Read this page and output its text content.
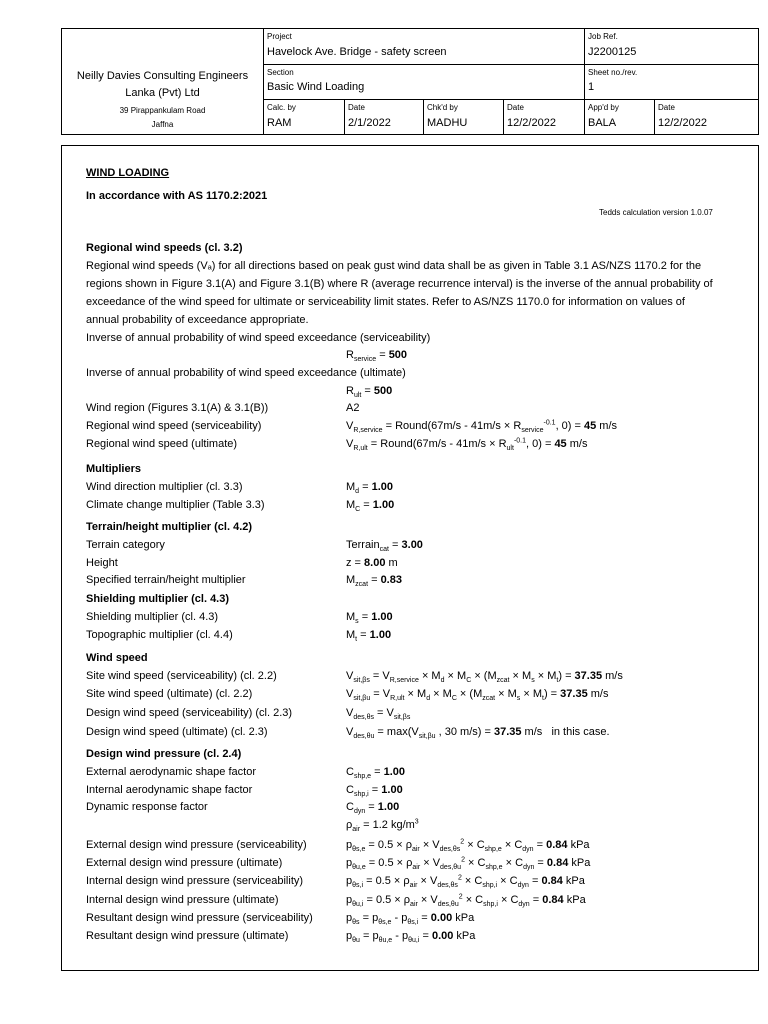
Neilly Davies Consulting Engineers
Lanka (Pvt) Ltd
39 Pirappankulam Road
Jaffna
Project
Havelock Ave. Bridge - safety screen
Job Ref.
J2200125
Section
Basic Wind Loading
Sheet no./rev.
1
Calc. by
RAM
Date
2/1/2022
Chk'd by
MADHU
Date
12/2/2022
App'd by
BALA
Date
12/2/2022
WIND LOADING
In accordance with AS 1170.2:2021
Tedds calculation version 1.0.07
Regional wind speeds (cl. 3.2)
Regional wind speeds (Vₐ) for all directions based on peak gust wind data shall be as given in Table 3.1 AS/NZS 1170.2 for the regions shown in Figure 3.1(A) and Figure 3.1(B) where R (average recurrence interval) is the inverse of the annual probability of exceedance of the wind speed for ultimate or serviceability limit states. Refer to AS/NZS 1170.0 for information on values of annual probability of exceedance appropriate.
Inverse of annual probability of wind speed exceedance (serviceability)
$R_{service} = 500$
Inverse of annual probability of wind speed exceedance (ultimate)
$R_{ult} = 500$
Wind region (Figures 3.1(A) & 3.1(B))	A2
Regional wind speed (serviceability)	$V_{R,service}$ = Round(67m/s - $41m/s \times R_{service}^{-0.1}$, 0) = 45 m/s
Regional wind speed (ultimate)	$V_{R,ult}$ = Round(67m/s - $41m/s \times R_{ult}^{-0.1}$, 0) = 45 m/s
Multipliers
Wind direction multiplier (cl. 3.3)	$M_d = 1.00$
Climate change multiplier (Table 3.3)	$M_C = 1.00$
Terrain/height multiplier (cl. 4.2)
Terrain category	Terrain$_{cat}$ = 3.00
Height	z = 8.00 m
Specified terrain/height multiplier	$M_{zcat} = 0.83$
Shielding multiplier (cl. 4.3)
Shielding multiplier (cl. 4.3)	$M_s = 1.00$
Topographic multiplier (cl. 4.4)	$M_t = 1.00$
Wind speed
Site wind speed (serviceability) (cl. 2.2)	$V_{sit,\beta s} = V_{R,service} \times M_d \times M_C \times (M_{zcat} \times M_s \times M_t) = 37.35$ m/s
Site wind speed (ultimate) (cl. 2.2)	$V_{sit,\beta u} = V_{R,ult} \times M_d \times M_C \times (M_{zcat} \times M_s \times M_t) = 37.35$ m/s
Design wind speed (serviceability) (cl. 2.3)	$V_{des,\theta s} = V_{sit,\beta s}$
Design wind speed (ultimate) (cl. 2.3)	$V_{des,\theta u} = \max(V_{sit,\beta u}$ , 30 m/s) = 37.35 m/s   in this case.
Design wind pressure (cl. 2.4)
External aerodynamic shape factor	$C_{shp,e} = 1.00$
Internal aerodynamic shape factor	$C_{shp,i} = 1.00$
Dynamic response factor	$C_{dyn} = 1.00$
$\rho_{air} = 1.2$ $kg/m^3$
External design wind pressure (serviceability)	$p_{\theta s,e} = 0.5 \times \rho_{air} \times V_{des,\theta s}^2 \times C_{shp,e} \times C_{dyn} = 0.84$ kPa
External design wind pressure (ultimate)	$p_{\theta u,e} = 0.5 \times \rho_{air} \times V_{des,\theta u}^2 \times C_{shp,e} \times C_{dyn} = 0.84$ kPa
Internal design wind pressure (serviceability)	$p_{\theta s,i} = 0.5 \times \rho_{air} \times V_{des,\theta s}^2 \times C_{shp,i} \times C_{dyn} = 0.84$ kPa
Internal design wind pressure (ultimate)	$p_{\theta u,i} = 0.5 \times \rho_{air} \times V_{des,\theta u}^2 \times C_{shp,i} \times C_{dyn} = 0.84$ kPa
Resultant design wind pressure (serviceability)	$p_{\theta s} = p_{\theta s,e} - p_{\theta s,i} = 0.00$ kPa
Resultant design wind pressure (ultimate)	$p_{\theta u} = p_{\theta u,e} - p_{\theta u,i} = 0.00$ kPa
